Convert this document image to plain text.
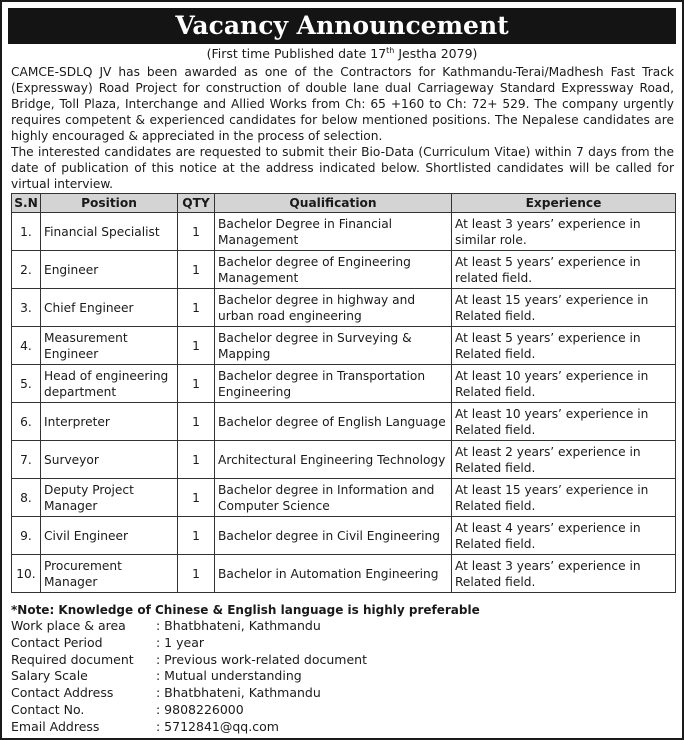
Vacancy Announcement
(First time Published date 17th Jestha 2079)

CAMCE-SDLQ JV has been awarded as one of the Contractors for Kathmandu-Terai/Madhesh Fast Track (Expressway) Road Project for construction of double lane dual Carriageway Standard Expressway Road, Bridge, Toll Plaza, Interchange and Allied Works from Ch: 65 +160 to Ch: 72+ 529. The company urgently requires competent & experienced candidates for below mentioned positions. The Nepalese candidates are highly encouraged & appreciated in the process of selection.

The interested candidates are requested to submit their Bio-Data (Curriculum Vitae) within 7 days from the date of publication of this notice at the address indicated below. Shortlisted candidates will be called for virtual interview.

S.N	Position	QTY	Qualification	Experience
1.	Financial Specialist	1	Bachelor Degree in Financial Management	At least 3 years’ experience in similar role.
2.	Engineer	1	Bachelor degree of Engineering Management	At least 5 years’ experience in related field.
3.	Chief Engineer	1	Bachelor degree in highway and urban road engineering	At least 15 years’ experience in Related field.
4.	Measurement Engineer	1	Bachelor degree in Surveying & Mapping	At least 5 years’ experience in Related field.
5.	Head of engineering department	1	Bachelor degree in Transportation Engineering	At least 10 years’ experience in Related field.
6.	Interpreter	1	Bachelor degree of English Language	At least 10 years’ experience in Related field.
7.	Surveyor	1	Architectural Engineering Technology	At least 2 years’ experience in Related field.
8.	Deputy Project Manager	1	Bachelor degree in Information and Computer Science	At least 15 years’ experience in Related field.
9.	Civil Engineer	1	Bachelor degree in Civil Engineering	At least 4 years’ experience in Related field.
10.	Procurement Manager	1	Bachelor in Automation Engineering	At least 3 years’ experience in Related field.
*Note: Knowledge of Chinese & English language is highly preferable
Work place & area	: Bhatbhateni, Kathmandu
Contact Period	: 1 year
Required document	: Previous work-related document
Salary Scale	: Mutual understanding
Contact Address	: Bhatbhateni, Kathmandu
Contact No.	: 9808226000
Email Address	: 5712841@qq.com
